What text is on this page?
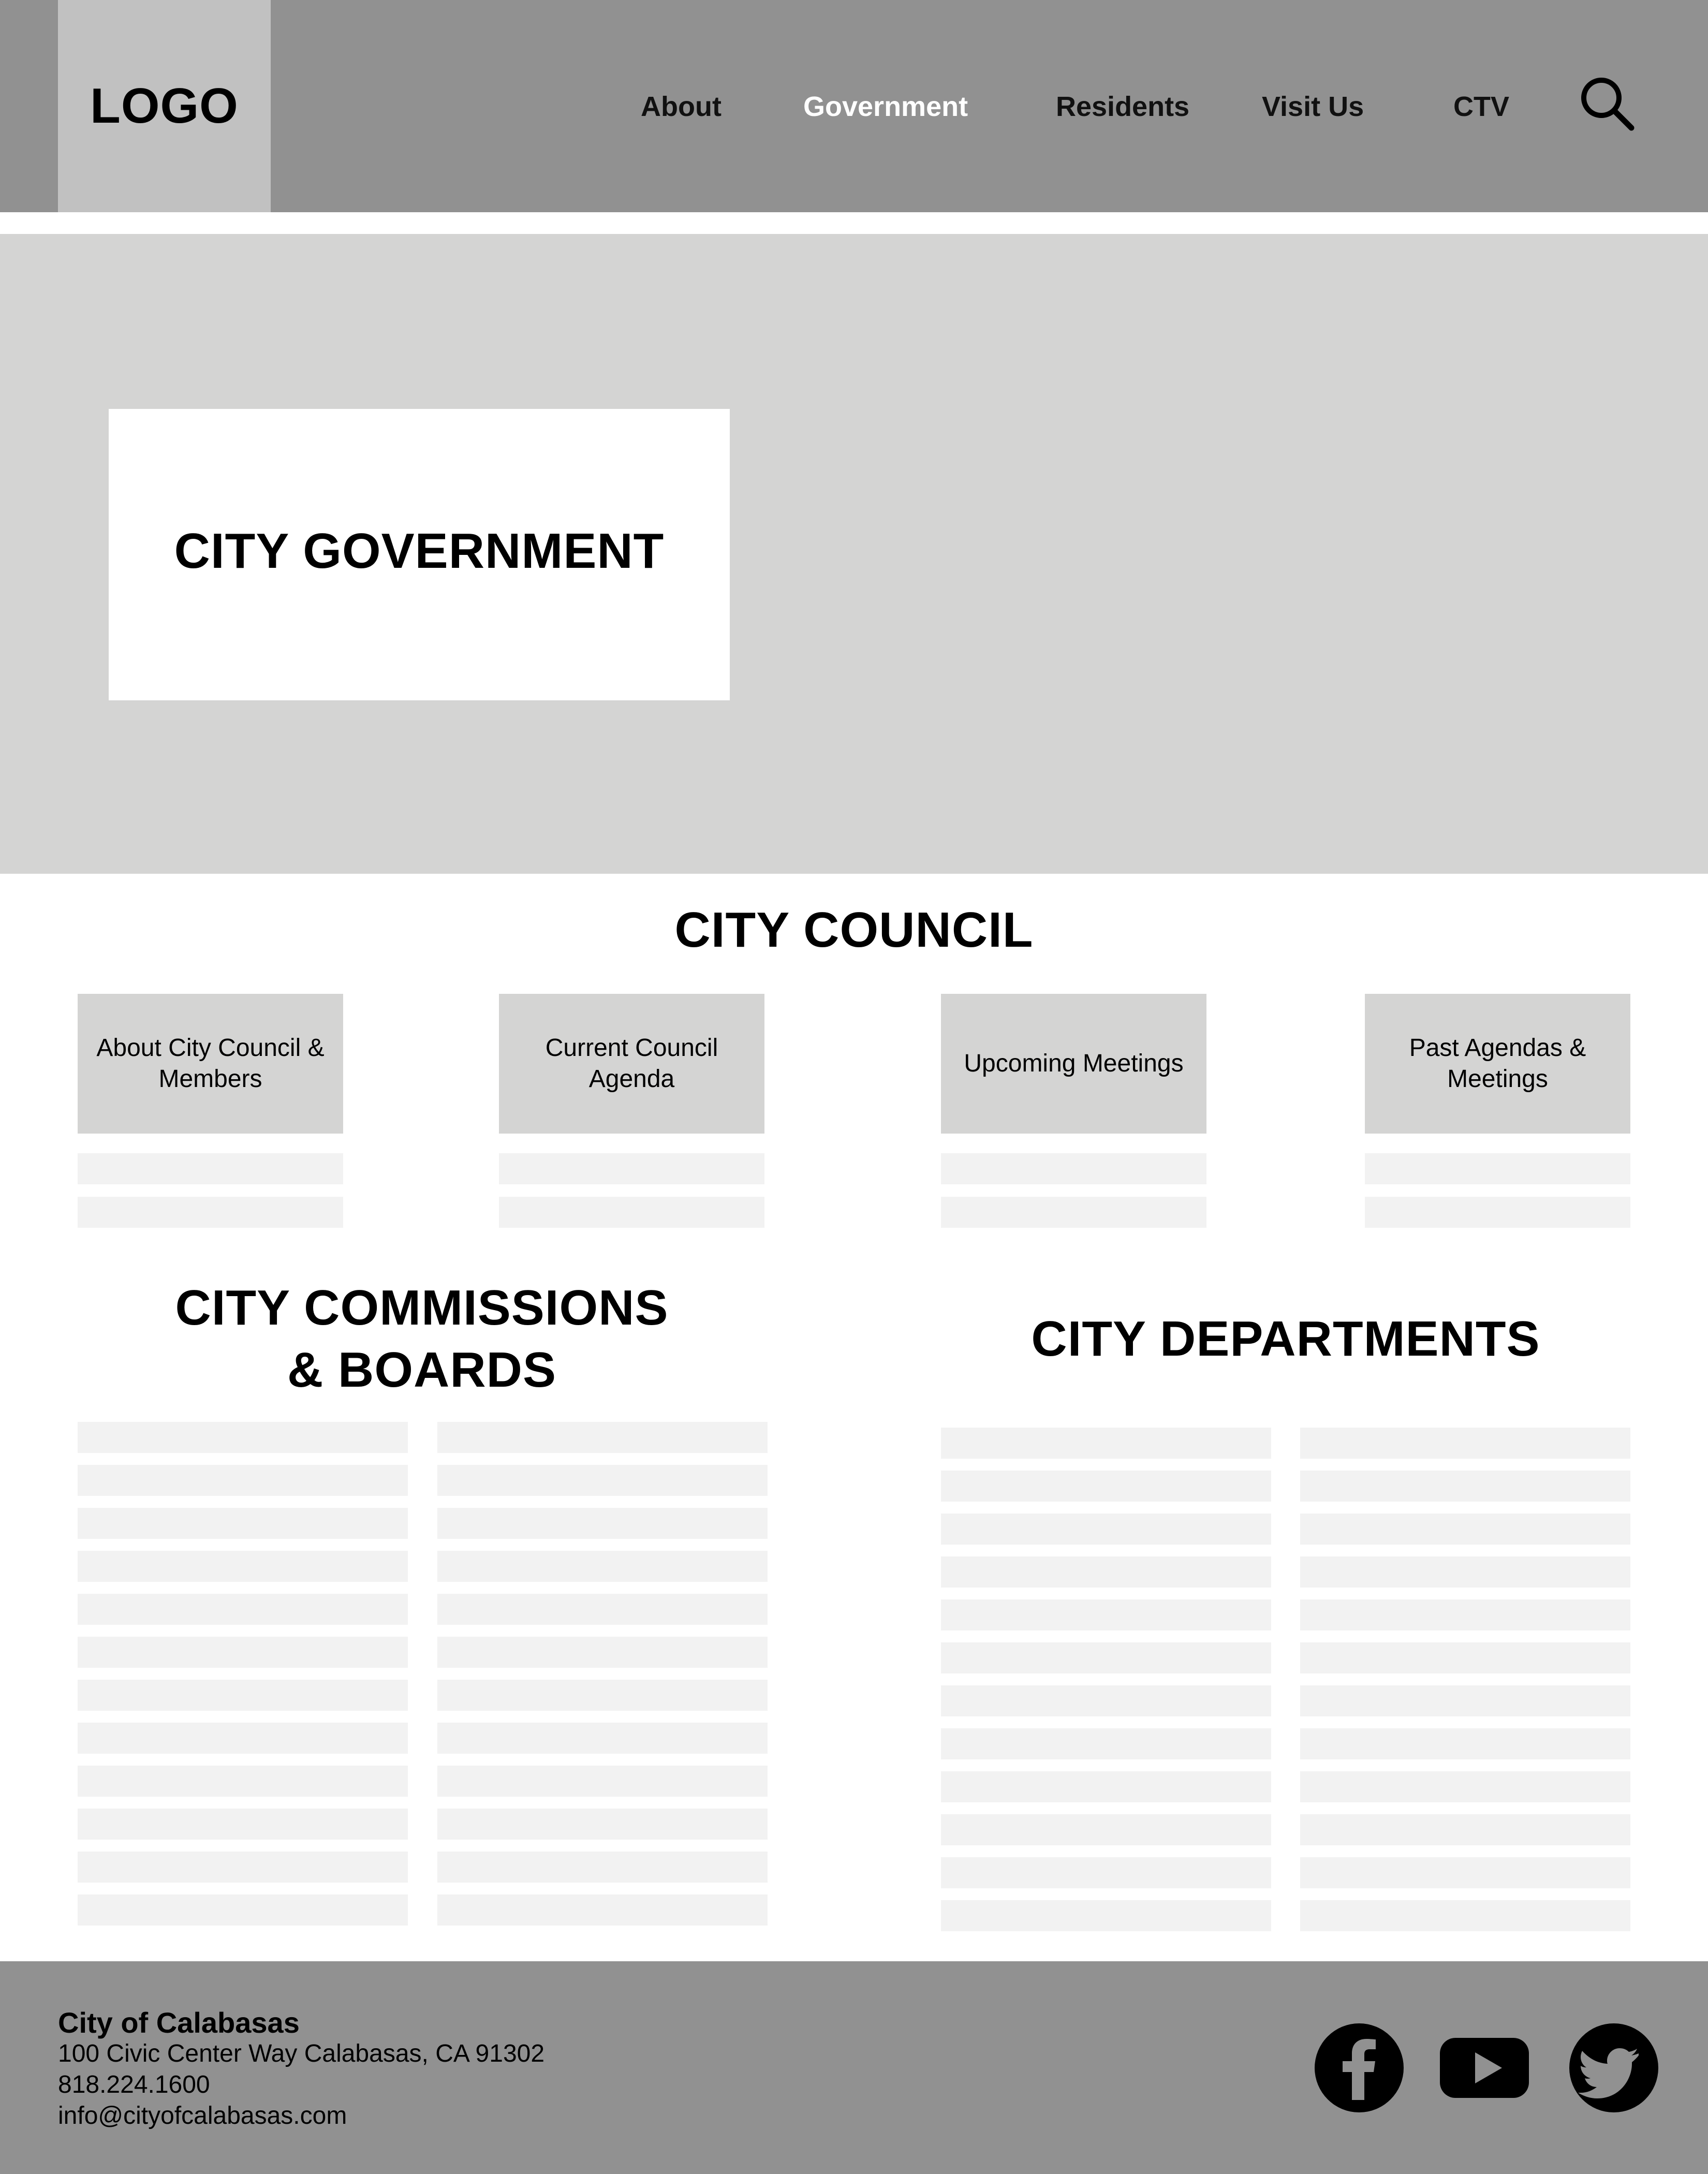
LOGO	About	Government	Residents	Visit Us	CTV
CITY GOVERNMENT
CITY COUNCIL
About City Council & Members
Current Council Agenda
Upcoming Meetings
Past Agendas & Meetings
CITY COMMISSIONS
& BOARDS
CITY DEPARTMENTS
City of Calabasas
100 Civic Center Way Calabasas, CA 91302
818.224.1600
info@cityofcalabasas.com
